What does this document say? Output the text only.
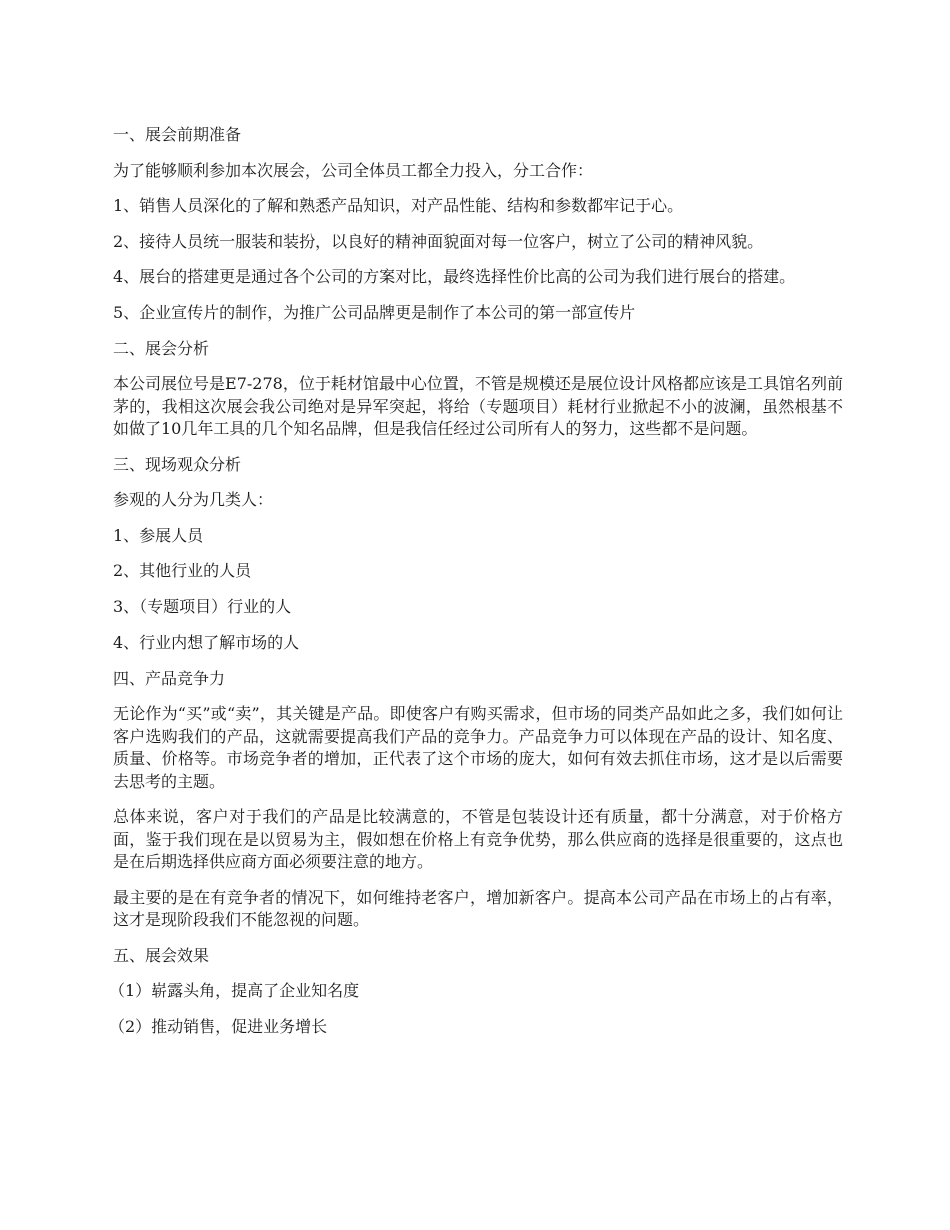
一、展会前期准备

为了能够顺利参加本次展会，公司全体员工都全力投入，分工合作：

1、销售人员深化的了解和熟悉产品知识，对产品性能、结构和参数都牢记于心。

2、接待人员统一服装和装扮，以良好的精神面貌面对每一位客户，树立了公司的精神风貌。

4、展台的搭建更是通过各个公司的方案对比，最终选择性价比高的公司为我们进行展台的搭建。

5、企业宣传片的制作，为推广公司品牌更是制作了本公司的第一部宣传片

二、展会分析

本公司展位号是E7-278，位于耗材馆最中心位置，不管是规模还是展位设计风格都应该是工具馆名列前茅的，我相这次展会我公司绝对是异军突起，将给（专题项目）耗材行业掀起不小的波澜，虽然根基不如做了10几年工具的几个知名品牌，但是我信任经过公司所有人的努力，这些都不是问题。

三、现场观众分析

参观的人分为几类人：

1、参展人员

2、其他行业的人员

3、（专题项目）行业的人

4、行业内想了解市场的人

四、产品竞争力

无论作为“买”或“卖”，其关键是产品。即使客户有购买需求，但市场的同类产品如此之多，我们如何让客户选购我们的产品，这就需要提高我们产品的竞争力。产品竞争力可以体现在产品的设计、知名度、质量、价格等。市场竞争者的增加，正代表了这个市场的庞大，如何有效去抓住市场，这才是以后需要去思考的主题。

总体来说，客户对于我们的产品是比较满意的，不管是包装设计还有质量，都十分满意，对于价格方面，鉴于我们现在是以贸易为主，假如想在价格上有竞争优势，那么供应商的选择是很重要的，这点也是在后期选择供应商方面必须要注意的地方。

最主要的是在有竞争者的情况下，如何维持老客户，增加新客户。提高本公司产品在市场上的占有率，这才是现阶段我们不能忽视的问题。

五、展会效果

（1）崭露头角，提高了企业知名度

（2）推动销售，促进业务增长
